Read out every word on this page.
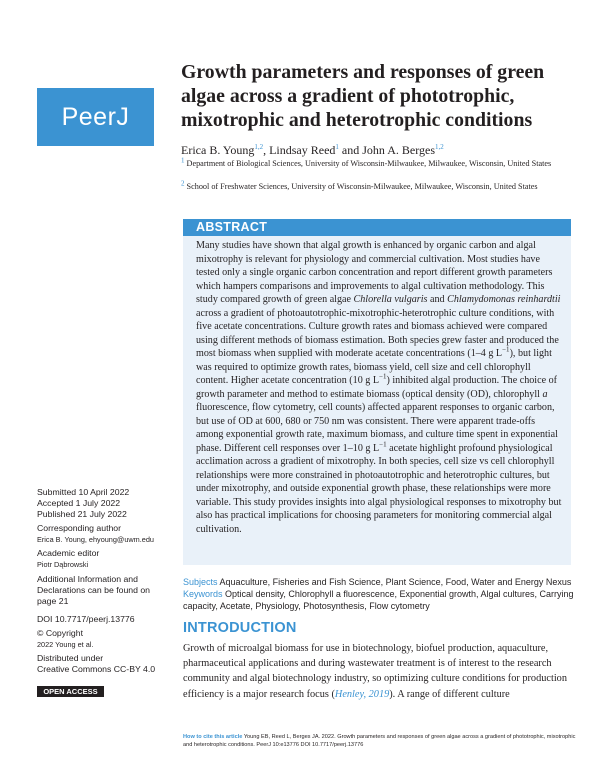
PeerJ
Growth parameters and responses of green algae across a gradient of phototrophic, mixotrophic and heterotrophic conditions
Erica B. Young$^{1,2}$, Lindsay Reed$^1$ and John A. Berges$^{1,2}$
$^1$ Department of Biological Sciences, University of Wisconsin-Milwaukee, Milwaukee, Wisconsin, United States
$^2$ School of Freshwater Sciences, University of Wisconsin-Milwaukee, Milwaukee, Wisconsin, United States
ABSTRACT

Many studies have shown that algal growth is enhanced by organic carbon and algal mixotrophy is relevant for physiology and commercial cultivation. Most studies have tested only a single organic carbon concentration and report different growth parameters which hampers comparisons and improvements to algal cultivation methodology. This study compared growth of green algae Chlorella vulgaris and Chlamydomonas reinhardtii across a gradient of photoautotrophic-mixotrophic-heterotrophic culture conditions, with five acetate concentrations. Culture growth rates and biomass achieved were compared using different methods of biomass estimation. Both species grew faster and produced the most biomass when supplied with moderate acetate concentrations (1–4 g $L^{-1}$), but light was required to optimize growth rates, biomass yield, cell size and cell chlorophyll content. Higher acetate concentration (10 g $L^{-1}$) inhibited algal production. The choice of growth parameter and method to estimate biomass (optical density (OD), chlorophyll a fluorescence, flow cytometry, cell counts) affected apparent responses to organic carbon, but use of OD at 600, 680 or 750 nm was consistent. There were apparent trade-offs among exponential growth rate, maximum biomass, and culture time spent in exponential phase. Different cell responses over 1–10 g $L^{-1}$ acetate highlight profound physiological acclimation across a gradient of mixotrophy. In both species, cell size vs cell chlorophyll relationships were more constrained in photoautotrophic and heterotrophic cultures, but under mixotrophy, and outside exponential growth phase, these relationships were more variable. This study provides insights into algal physiological responses to mixotrophy but also has practical implications for choosing parameters for monitoring commercial algal cultivation.

Submitted 10 April 2022
Accepted 1 July 2022
Published 21 July 2022
Corresponding author
Erica B. Young, ehyoung@uwm.edu
Academic editor
Piotr Dąbrowski
Additional Information and Declarations can be found on page 21
DOI 10.7717/peerj.13776
© Copyright
2022 Young et al.
Distributed under
Creative Commons CC-BY 4.0
OPEN ACCESS
Subjects Aquaculture, Fisheries and Fish Science, Plant Science, Food, Water and Energy Nexus
Keywords Optical density, Chlorophyll a fluorescence, Exponential growth, Algal cultures, Carrying capacity, Acetate, Physiology, Photosynthesis, Flow cytometry
INTRODUCTION

Growth of microalgal biomass for use in biotechnology, biofuel production, aquaculture, pharmaceutical applications and during wastewater treatment is of interest to the research community and algal biotechnology industry, so optimizing culture conditions for production efficiency is a major research focus (Henley, 2019). A range of different culture

How to cite this article Young EB, Reed L, Berges JA. 2022. Growth parameters and responses of green algae across a gradient of phototrophic, mixotrophic and heterotrophic conditions. PeerJ 10:e13776 DOI 10.7717/peerj.13776
